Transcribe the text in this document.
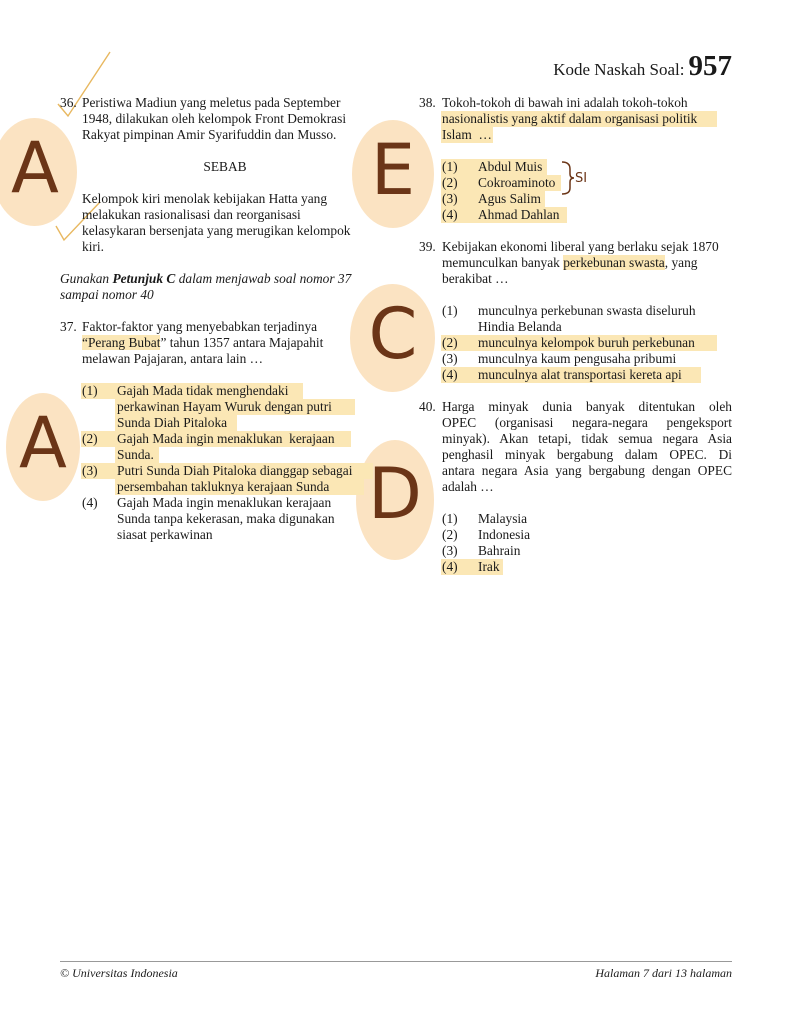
Kode Naskah Soal: 957
36. Peristiwa Madiun yang meletus pada September
1948, dilakukan oleh kelompok Front Demokrasi
Rakyat pimpinan Amir Syarifuddin dan Musso.
SEBAB
Kelompok kiri menolak kebijakan Hatta yang
melakukan rasionalisasi dan reorganisasi
kelasykaran bersenjata yang merugikan kelompok
kiri.
A
Gunakan Petunjuk C dalam menjawab soal nomor 37
sampai nomor 40
37. Faktor-faktor yang menyebabkan terjadinya
“Perang Bubat” tahun 1357 antara Majapahit
melawan Pajajaran, antara lain …
(1) Gajah Mada tidak menghendaki
perkawinan Hayam Wuruk dengan putri
Sunda Diah Pitaloka
(2) Gajah Mada ingin menaklukan  kerajaan
Sunda.
(3) Putri Sunda Diah Pitaloka dianggap sebagai
persembahan takluknya kerajaan Sunda
(4) Gajah Mada ingin menaklukan kerajaan
Sunda tanpa kekerasan, maka digunakan
siasat perkawinan
A
38. Tokoh-tokoh di bawah ini adalah tokoh-tokoh
nasionalistis yang aktif dalam organisasi politik
Islam  …
(1) Abdul Muis
(2) Cokroaminoto
(3) Agus Salim
(4) Ahmad Dahlan
SI
E
39. Kebijakan ekonomi liberal yang berlaku sejak 1870
memunculkan banyak perkebunan swasta, yang
berakibat …
(1) munculnya perkebunan swasta diseluruh
Hindia Belanda
(2) munculnya kelompok buruh perkebunan
(3) munculnya kaum pengusaha pribumi
(4) munculnya alat transportasi kereta api
C
40. Harga minyak dunia banyak ditentukan oleh
OPEC (organisasi negara-negara pengeksport
minyak). Akan tetapi, tidak semua negara Asia
penghasil minyak bergabung dalam OPEC. Di
antara negara Asia yang bergabung dengan OPEC
adalah …
(1) Malaysia
(2) Indonesia
(3) Bahrain
(4) Irak
D
© Universitas Indonesia	Halaman 7 dari 13 halaman
